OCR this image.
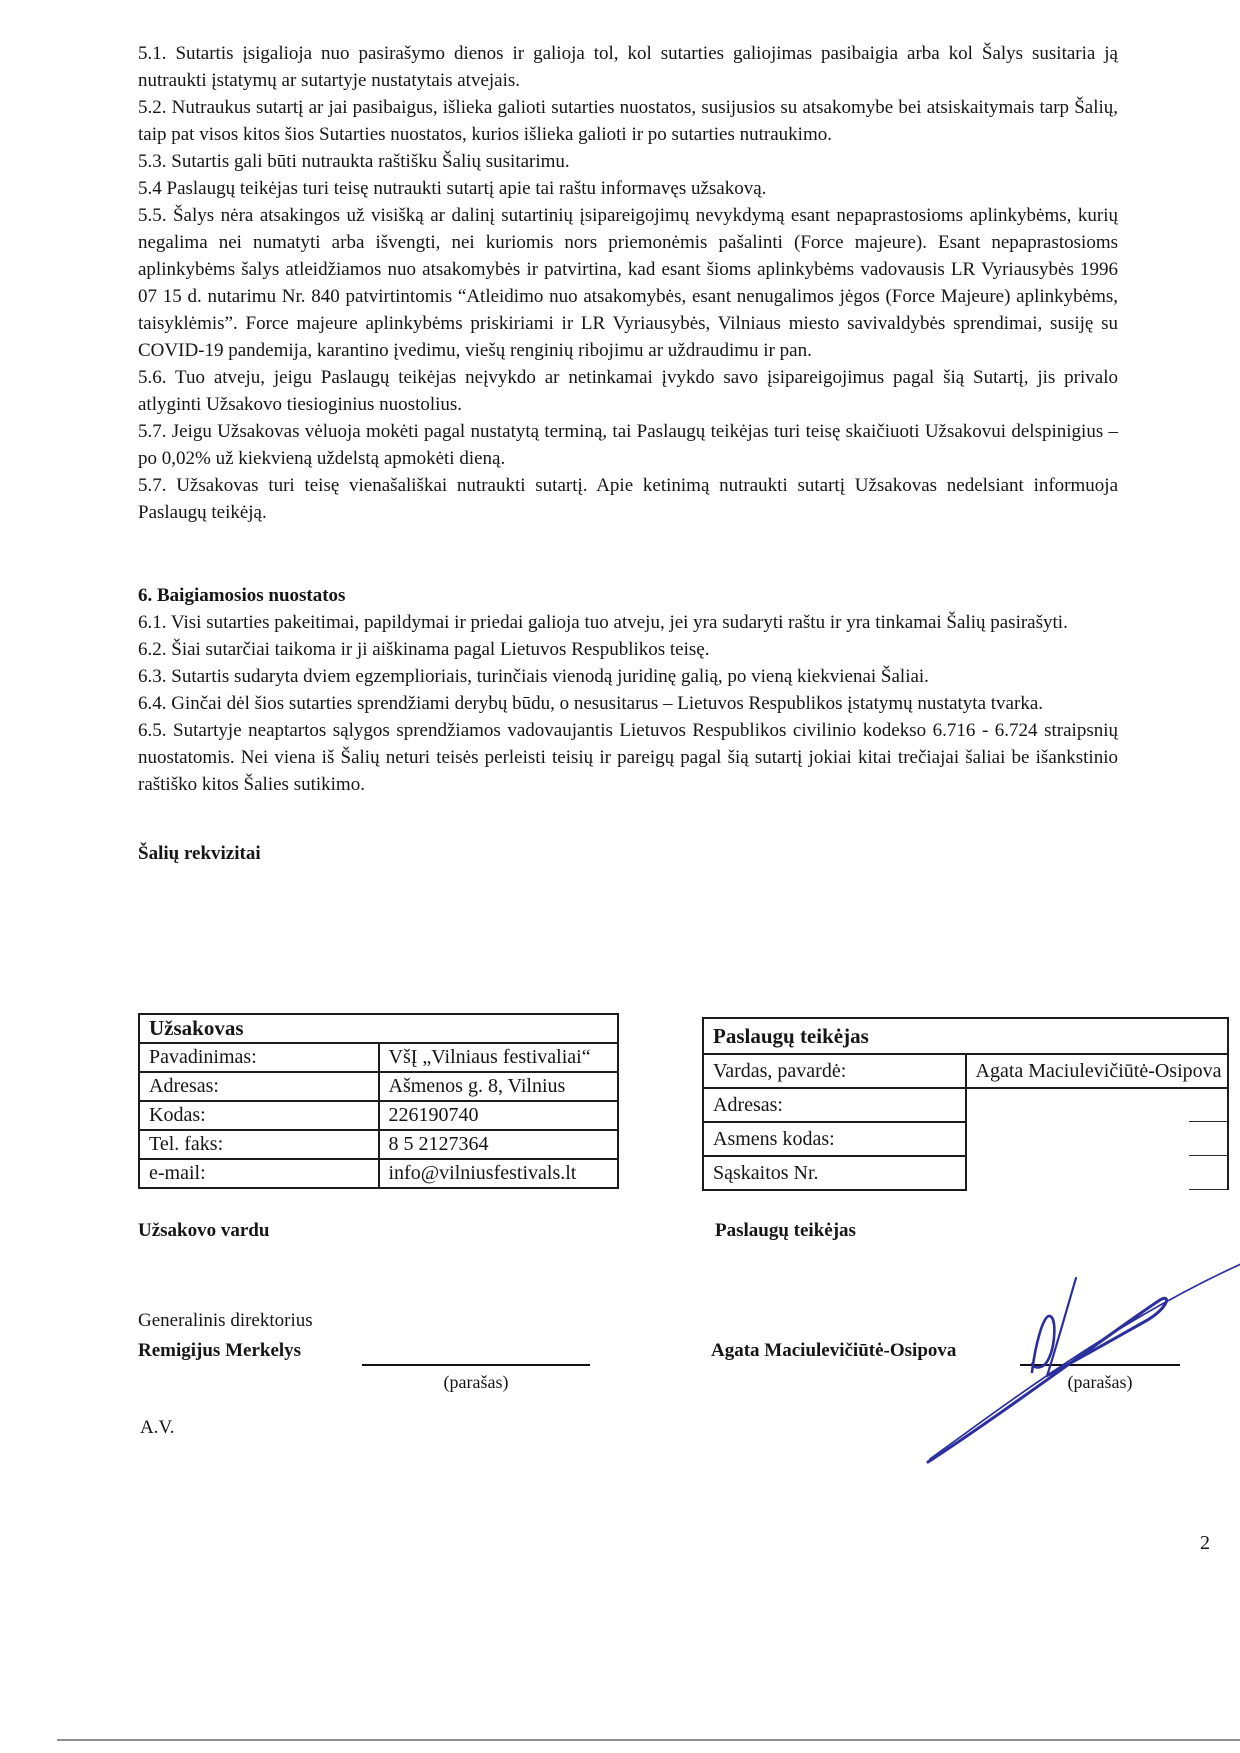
5.1. Sutartis įsigalioja nuo pasirašymo dienos ir galioja tol, kol sutarties galiojimas pasibaigia arba kol Šalys susitaria ją nutraukti įstatymų ar sutartyje nustatytais atvejais.

5.2. Nutraukus sutartį ar jai pasibaigus, išlieka galioti sutarties nuostatos, susijusios su atsakomybe bei atsiskaitymais tarp Šalių, taip pat visos kitos šios Sutarties nuostatos, kurios išlieka galioti ir po sutarties nutraukimo.

5.3. Sutartis gali būti nutraukta raštišku Šalių susitarimu.

5.4 Paslaugų teikėjas turi teisę nutraukti sutartį apie tai raštu informavęs užsakovą.

5.5. Šalys nėra atsakingos už visišką ar dalinį sutartinių įsipareigojimų nevykdymą esant nepaprastosioms aplinkybėms, kurių negalima nei numatyti arba išvengti, nei kuriomis nors priemonėmis pašalinti (Force majeure). Esant nepaprastosioms aplinkybėms šalys atleidžiamos nuo atsakomybės ir patvirtina, kad esant šioms aplinkybėms vadovausis LR Vyriausybės 1996 07 15 d. nutarimu Nr. 840 patvirtintomis “Atleidimo nuo atsakomybės, esant nenugalimos jėgos (Force Majeure) aplinkybėms, taisyklėmis”. Force majeure aplinkybėms priskiriami ir LR Vyriausybės, Vilniaus miesto savivaldybės sprendimai, susiję su COVID-19 pandemija, karantino įvedimu, viešų renginių ribojimu ar uždraudimu ir pan.

5.6. Tuo atveju, jeigu Paslaugų teikėjas neįvykdo ar netinkamai įvykdo savo įsipareigojimus pagal šią Sutartį, jis privalo atlyginti Užsakovo tiesioginius nuostolius.

5.7. Jeigu Užsakovas vėluoja mokėti pagal nustatytą terminą, tai Paslaugų teikėjas turi teisę skaičiuoti Užsakovui delspinigius – po 0,02% už kiekvieną uždelstą apmokėti dieną.

5.7. Užsakovas turi teisę vienašališkai nutraukti sutartį. Apie ketinimą nutraukti sutartį Užsakovas nedelsiant informuoja Paslaugų teikėją.

6. Baigiamosios nuostatos

6.1. Visi sutarties pakeitimai, papildymai ir priedai galioja tuo atveju, jei yra sudaryti raštu ir yra tinkamai Šalių pasirašyti.

6.2. Šiai sutarčiai taikoma ir ji aiškinama pagal Lietuvos Respublikos teisę.

6.3. Sutartis sudaryta dviem egzemplioriais, turinčiais vienodą juridinę galią, po vieną kiekvienai Šaliai.

6.4. Ginčai dėl šios sutarties sprendžiami derybų būdu, o nesusitarus – Lietuvos Respublikos įstatymų nustatyta tvarka.

6.5. Sutartyje neaptartos sąlygos sprendžiamos vadovaujantis Lietuvos Respublikos civilinio kodekso 6.716 - 6.724 straipsnių nuostatomis. Nei viena iš Šalių neturi teisės perleisti teisių ir pareigų pagal šią sutartį jokiai kitai trečiajai šaliai be išankstinio raštiško kitos Šalies sutikimo.

Šalių rekvizitai

Užsakovas	
Pavadinimas:	VšĮ „Vilniaus festivaliai“
Adresas:	Ašmenos g. 8, Vilnius
Kodas:	226190740
Tel. faks:	8 5 2127364
e-mail:	info@vilniusfestivals.lt
Paslaugų teikėjas	
Vardas, pavardė:	Agata Maciulevičiūtė-Osipova
Adresas:	

Asmens kodas:	

Sąskaitos Nr.	
Užsakovo vardu	Paslaugų teikėjas
Generalinis direktorius
Remigijus Merkelys
(parašas)
Agata Maciulevičiūtė-Osipova
(parašas)
A.V.
2
